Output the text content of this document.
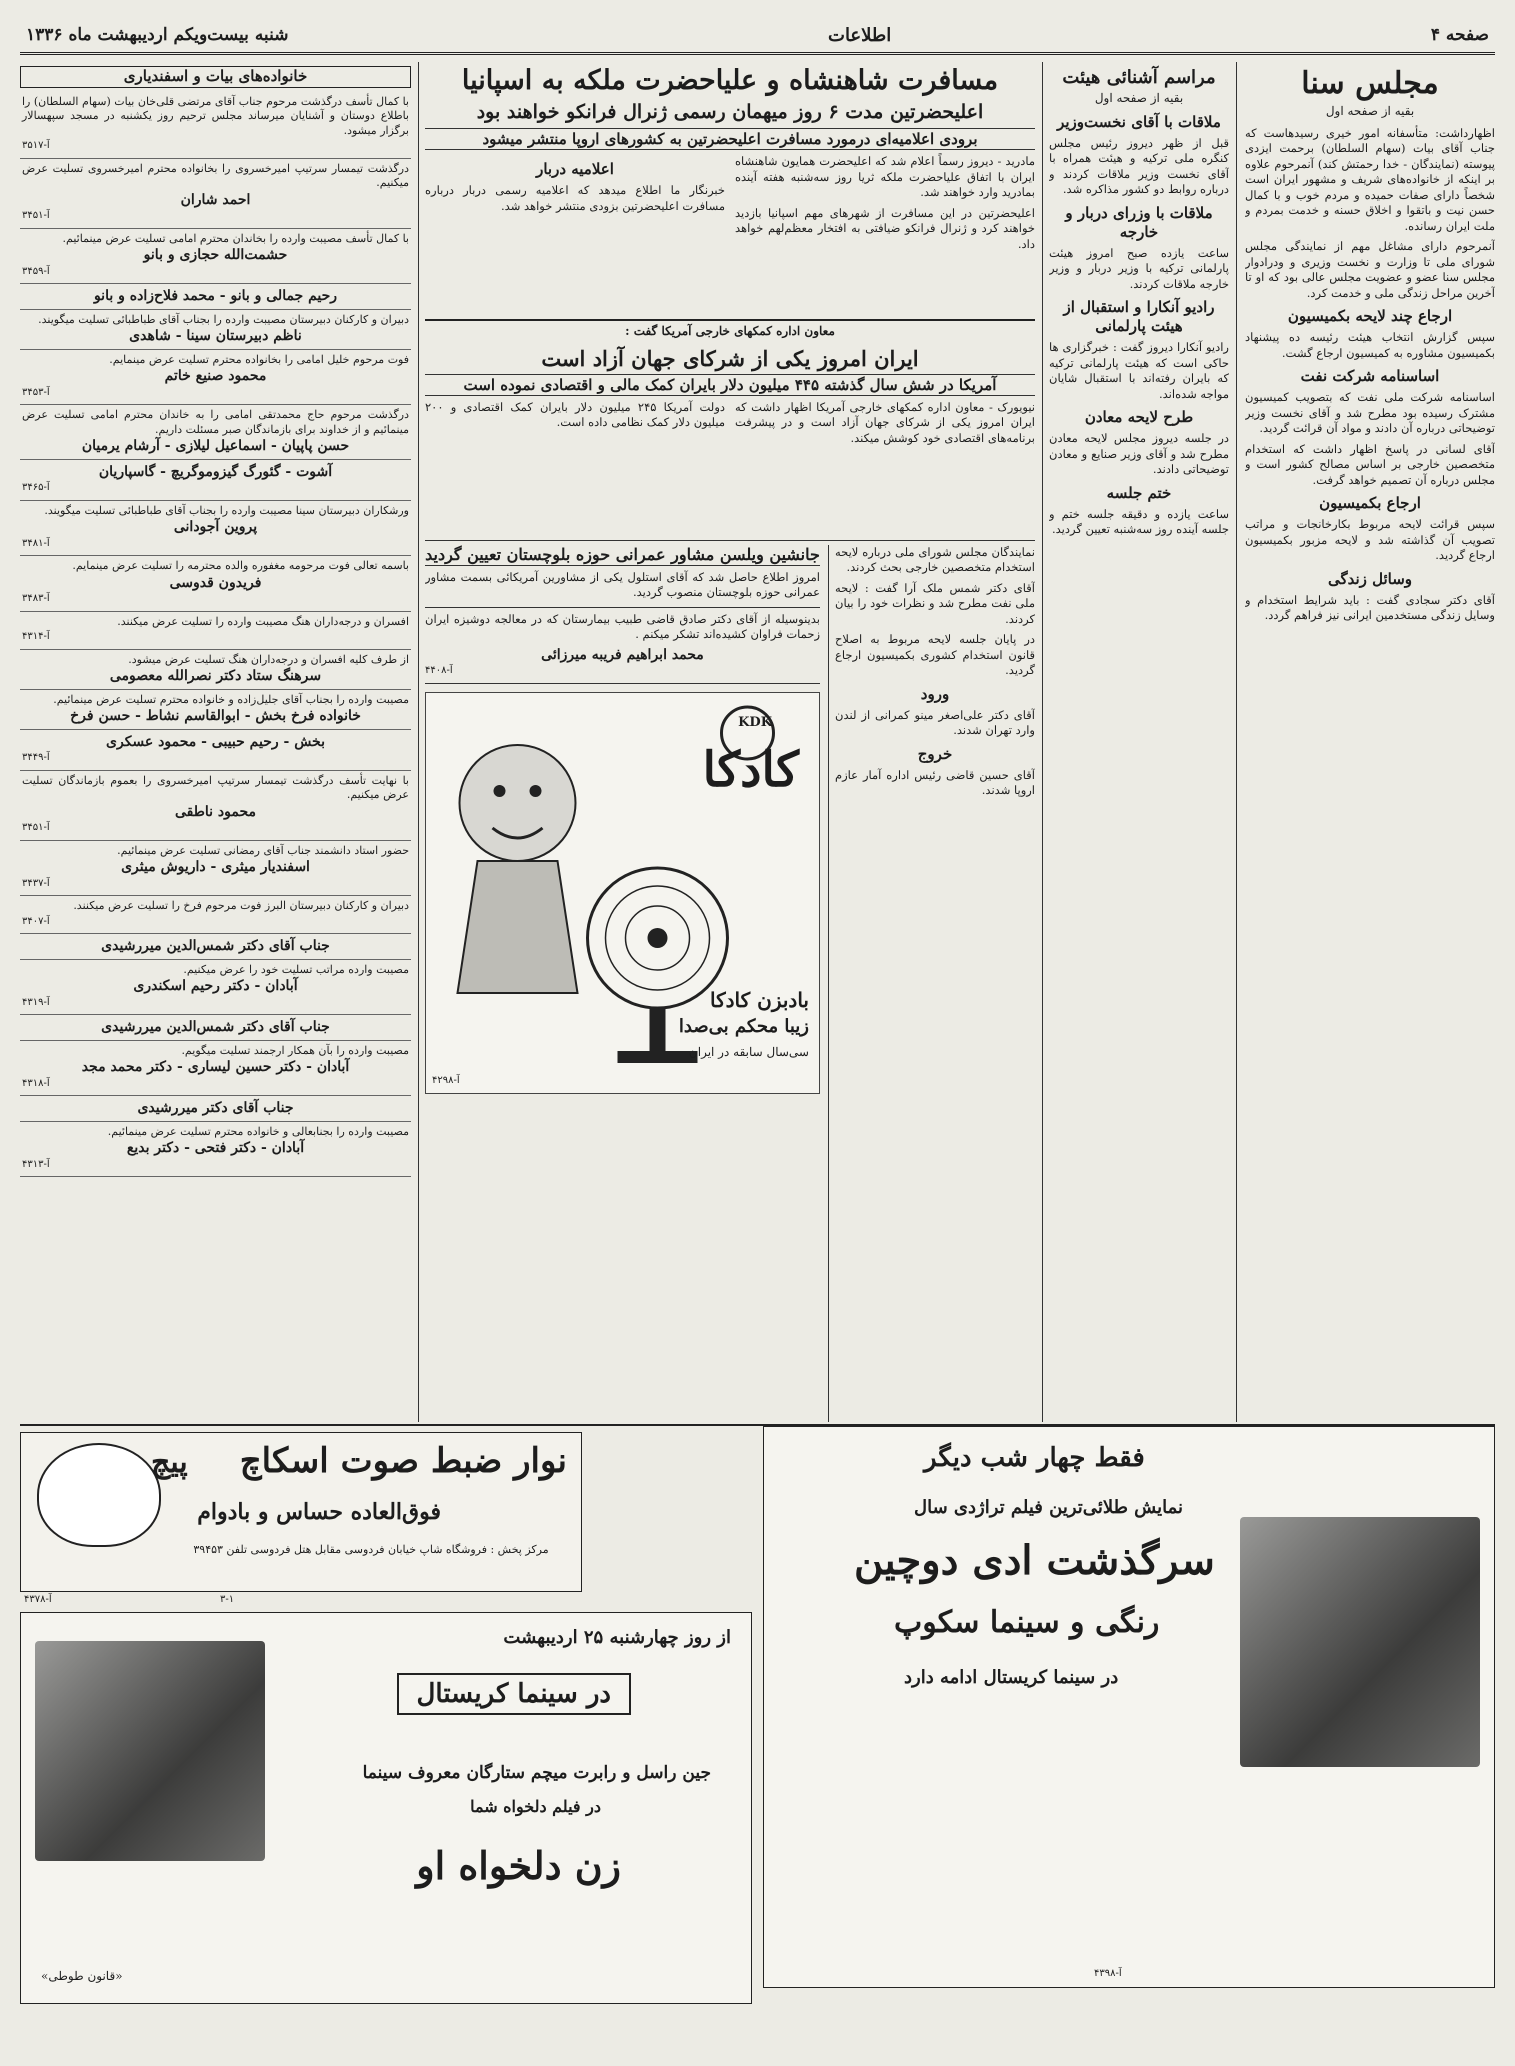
صفحه ۴
اطلاعات
شنبه بیست‌ویکم اردیبهشت ماه ۱۳۳۶
مجلس سنا
بقیه از صفحه اول

اظهارداشت: متأسفانه امور خیری رسیدهاست که جناب آقای بیات (سهام السلطان) برحمت ایزدی پیوسته (نمایندگان - خدا رحمتش کند) آنمرحوم علاوه بر اینکه از خانواده‌های شریف و مشهور ایران است شخصاً دارای صفات حمیده و مردم خوب و با کمال حسن نیت و باتقوا و اخلاق حسنه و خدمت بمردم و ملت ایران رسانده.

آنمرحوم دارای مشاغل مهم از نمایندگی مجلس شورای ملی تا وزارت و نخست وزیری و ودرادوار مجلس سنا عضو و عضویت مجلس عالی بود که او تا آخرین مراحل زندگی ملی و خدمت کرد.

ارجاع چند لایحه بکمیسیون

سپس گزارش انتخاب هیئت رئیسه ده پیشنهاد بکمیسیون مشاوره به کمیسیون ارجاع گشت.

اساسنامه شرکت نفت

اساسنامه شرکت ملی نفت که بتصویب کمیسیون مشترک رسیده بود مطرح شد و آقای نخست وزیر توضیحاتی درباره آن دادند و مواد آن قرائت گردید.

آقای لسانی در پاسخ اظهار داشت که استخدام متخصصین خارجی بر اساس مصالح کشور است و مجلس درباره آن تصمیم خواهد گرفت.

ارجاع بکمیسیون

سپس قرائت لایحه مربوط بکارخانجات و مراتب تصویب آن گذاشته شد و لایحه مزبور بکمیسیون ارجاع گردید.

وسائل زندگی

آقای دکتر سجادی گفت : باید شرایط استخدام و وسایل زندگی مستخدمین ایرانی نیز فراهم گردد.

مراسم آشنائی هیئت
بقیه از صفحه اول
ملاقات با آقای نخست‌وزیر

قبل از ظهر دیروز رئیس مجلس کنگره ملی ترکیه و هیئت همراه با آقای نخست وزیر ملاقات کردند و درباره روابط دو کشور مذاکره شد.

ملاقات با وزرای دربار و خارجه

ساعت یازده صبح امروز هیئت پارلمانی ترکیه با وزیر دربار و وزیر خارجه ملاقات کردند.

رادیو آنکارا و استقبال از هیئت پارلمانی

رادیو آنکارا دیروز گفت : خبرگزاری ها حاکی است که هیئت پارلمانی ترکیه که بایران رفته‌اند با استقبال شایان مواجه شده‌اند.

طرح لایحه معادن

در جلسه دیروز مجلس لایحه معادن مطرح شد و آقای وزیر صنایع و معادن توضیحاتی دادند.

ختم جلسه

ساعت یازده و دقیقه جلسه ختم و جلسه آینده روز سه‌شنبه تعیین گردید.

مسافرت شاهنشاه و علیاحضرت ملکه به اسپانیا
اعلیحضرتین مدت ۶ روز میهمان رسمی ژنرال فرانکو خواهند بود
برودی اعلامیه‌ای درمورد مسافرت اعلیحضرتین به کشورهای اروپا منتشر میشود

مادرید - دیروز رسماً اعلام شد که اعلیحضرت همایون شاهنشاه ایران با اتفاق علیاحضرت ملکه ثریا روز سه‌شنبه هفته آینده بمادرید وارد خواهند شد.

اعلیحضرتین در این مسافرت از شهرهای مهم اسپانیا بازدید خواهند کرد و ژنرال فرانکو ضیافتی به افتخار معظم‌لهم خواهد داد.

اعلامیه دربار

خبرنگار ما اطلاع میدهد که اعلامیه رسمی دربار درباره مسافرت اعلیحضرتین بزودی منتشر خواهد شد.

معاون اداره کمکهای خارجی آمریکا گفت :
ایران امروز یکی از شرکای جهان آزاد است
آمریکا در شش سال گذشته ۴۴۵ میلیون دلار بایران کمک مالی و اقتصادی نموده است

نیویورک - معاون اداره کمکهای خارجی آمریکا اظهار داشت که ایران امروز یکی از شرکای جهان آزاد است و در پیشرفت برنامه‌های اقتصادی خود کوشش میکند.

دولت آمریکا ۲۴۵ میلیون دلار بایران کمک اقتصادی و ۲۰۰ میلیون دلار کمک نظامی داده است.

نمایندگان مجلس شورای ملی درباره لایحه استخدام متخصصین خارجی بحث کردند.

آقای دکتر شمس ملک آرا گفت : لایحه ملی نفت مطرح شد و نظرات خود را بیان کردند.

در پایان جلسه لایحه مربوط به اصلاح قانون استخدام کشوری بکمیسیون ارجاع گردید.

ورود

آقای دکتر علی‌اصغر مینو کمرانی از لندن وارد تهران شدند.

خروج

آقای حسین قاضی رئیس اداره آمار عازم اروپا شدند.

جانشین ویلسن مشاور عمرانی حوزه بلوچستان تعیین گردید

امروز اطلاع حاصل شد که آقای استلول یکی از مشاورین آمریکائی بسمت مشاور عمرانی حوزه بلوچستان منصوب گردید.

بدینوسیله از آقای دکتر صادق قاضی طبیب بیمارستان که در معالجه دوشیزه ایران زحمات فراوان کشیده‌اند تشکر میکنم .

محمد ابراهیم فریبه میرزائی
آ-۴۴۰۸
KDK
کادکا
بادبزن کادکا
زیبا محکم بی‌صدا
سی‌سال سابقه در ایران
آ-۴۲۹۸
خانواده‌های بیات و اسفندیاری
با کمال تأسف درگذشت مرحوم جناب آقای مرتضی قلی‌خان بیات (سهام السلطان) را باطلاع دوستان و آشنایان میرساند مجلس ترحیم روز یکشنبه در مسجد سپهسالار برگزار میشود.
آ-۳۵۱۷
درگذشت تیمسار سرتیپ امیرخسروی را بخانواده محترم امیرخسروی تسلیت عرض میکنیم.
احمد شاران
آ-۳۴۵۱
با کمال تأسف مصیبت وارده را بخاندان محترم امامی تسلیت عرض مینمائیم.
حشمت‌الله حجازی و بانو
آ-۳۴۵۹
رحیم جمالی و بانو - محمد فلاح‌زاده و بانو
دبیران و کارکنان دبیرستان مصیبت وارده را بجناب آقای طباطبائی تسلیت میگویند.
ناظم دبیرستان سینا - شاهدی
فوت مرحوم خلیل امامی را بخانواده محترم تسلیت عرض مینمایم.
محمود صنیع خاتم
آ-۳۴۵۳
درگذشت مرحوم حاج محمدتقی امامی را به خاندان محترم امامی تسلیت عرض مینمائیم و از خداوند برای بازماندگان صبر مسئلت داریم.
حسن پاپیان - اسماعیل لیلازی - آرشام یرمیان
آشوت - گئورگ گیزوموگریچ - گاسپاریان
آ-۳۴۶۵
ورشکاران دبیرستان سینا مصیبت وارده را بجناب آقای طباطبائی تسلیت میگویند.
پروین آجودانی
آ-۳۴۸۱
باسمه تعالی فوت مرحومه مغفوره والده محترمه را تسلیت عرض مینمایم.
فریدون قدوسی
آ-۳۴۸۳
افسران و درجه‌داران هنگ مصیبت وارده را تسلیت عرض میکنند.
آ-۴۳۱۴
از طرف کلیه افسران و درجه‌داران هنگ تسلیت عرض میشود.
سرهنگ ستاد دکتر نصرالله معصومی
مصیبت وارده را بجناب آقای جلیل‌زاده و خانواده محترم تسلیت عرض مینمائیم.
خانواده فرخ بخش - ابوالقاسم نشاط - حسن فرخ
بخش - رحیم حبیبی - محمود عسکری
آ-۳۴۴۹
با نهایت تأسف درگذشت تیمسار سرتیپ امیرخسروی را بعموم بازماندگان تسلیت عرض میکنیم.
محمود ناطقی
آ-۳۴۵۱
حضور استاد دانشمند جناب آقای رمضانی تسلیت عرض مینمائیم.
اسفندیار میثری - داریوش میثری
آ-۳۴۳۷
دبیران و کارکنان دبیرستان البرز فوت مرحوم فرخ را تسلیت عرض میکنند.
آ-۳۴۰۷
جناب آقای دکتر شمس‌الدین میررشیدی
مصیبت وارده مراتب تسلیت خود را عرض میکنیم.
آبادان - دکتر رحیم اسکندری
آ-۴۳۱۹
جناب آقای دکتر شمس‌الدین میررشیدی
مصیبت وارده را بآن همکار ارجمند تسلیت میگویم.
آبادان - دکتر حسین لیساری - دکتر محمد مجد
آ-۴۳۱۸
جناب آقای دکتر میررشیدی
مصیبت وارده را بجنابعالی و خانواده محترم تسلیت عرض مینمائیم.
آبادان - دکتر فتحی - دکتر بدیع
آ-۴۳۱۳
نوار ضبط صوت اسکاچ
پیچ
فوق‌العاده حساس و بادوام
مرکز پخش : فروشگاه شاپ خیابان فردوسی مقابل هتل فردوسی تلفن ۳۹۴۵۳
آ-۴۳۷۸	۳-۱
از روز چهارشنبه ۲۵ اردیبهشت
در سینما کریستال
جین راسل و رابرت میچم ستارگان معروف سینما
در فیلم دلخواه شما
زن دلخواه او
«قانون طوطی»
فقط چهار شب دیگر
نمایش طلائی‌ترین فیلم تراژدی سال
سرگذشت ادی دوچین
رنگی و سینما سکوپ
در سینما کریستال ادامه دارد
آ-۴۳۹۸
